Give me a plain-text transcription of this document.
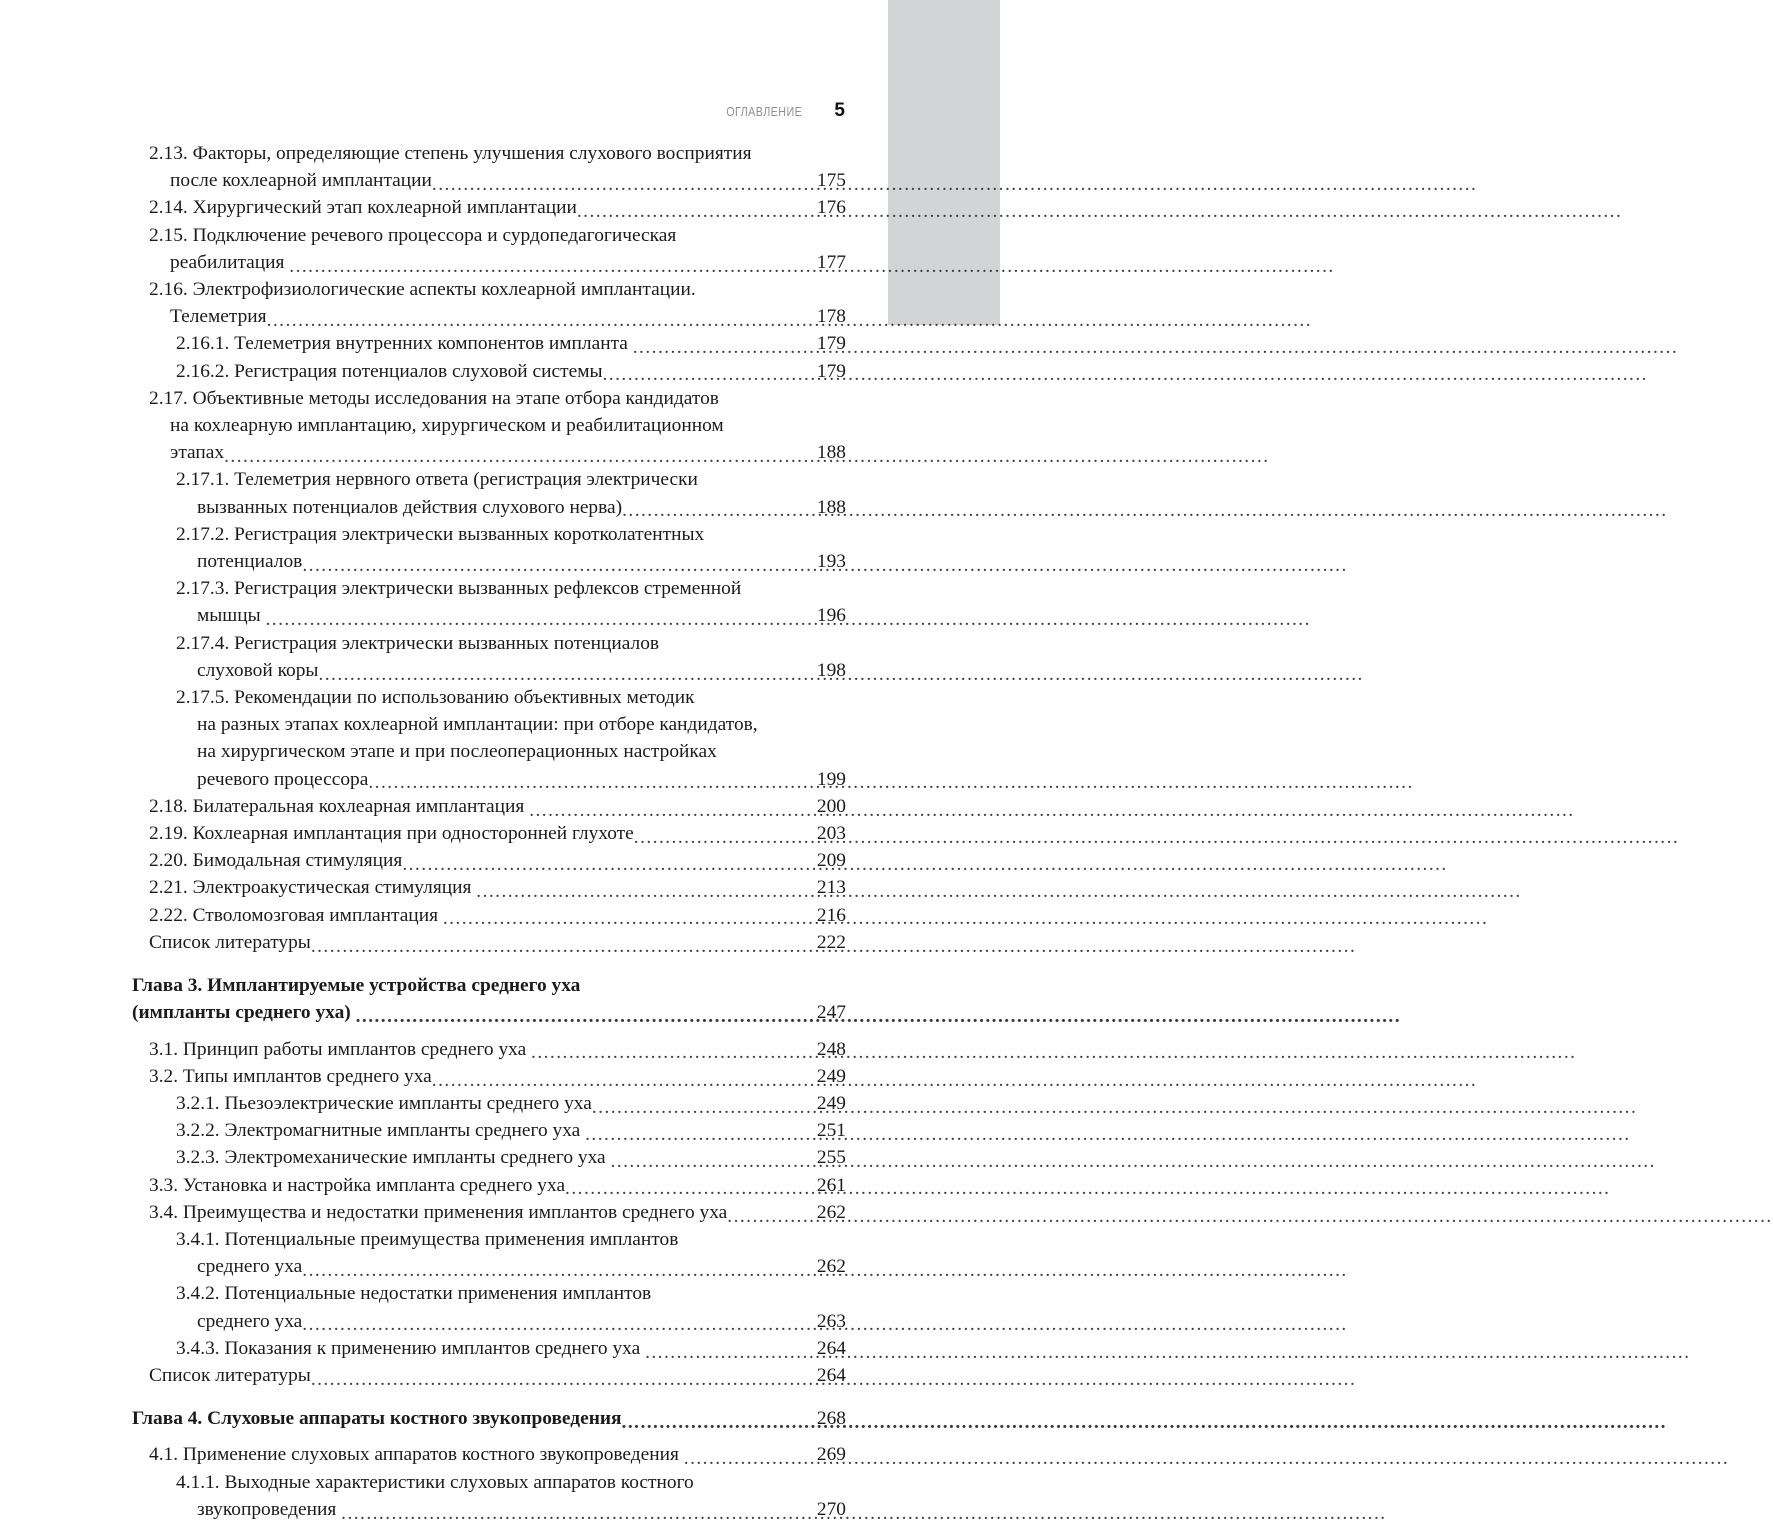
ОГЛАВЛЕНИЕ 5
2.13. Факторы, определяющие степень улучшения слухового восприятия
после кохлеарной имплантации .....	175
2.14. Хирургический этап кохлеарной имплантации .....	176
2.15. Подключение речевого процессора и сурдопедагогическая
реабилитация .....	177
2.16. Электрофизиологические аспекты кохлеарной имплантации.
Телеметрия .....	178
2.16.1. Телеметрия внутренних компонентов импланта .....	179
2.16.2. Регистрация потенциалов слуховой системы .....	179
2.17. Объективные методы исследования на этапе отбора кандидатов
на кохлеарную имплантацию, хирургическом и реабилитационном
этапах .....	188
2.17.1. Телеметрия нервного ответа (регистрация электрически
вызванных потенциалов действия слухового нерва) .....	188
2.17.2. Регистрация электрически вызванных коротколатентных
потенциалов .....	193
2.17.3. Регистрация электрически вызванных рефлексов стременной
мышцы .....	196
2.17.4. Регистрация электрически вызванных потенциалов
слуховой коры .....	198
2.17.5. Рекомендации по использованию объективных методик
на разных этапах кохлеарной имплантации: при отборе кандидатов,
на хирургическом этапе и при послеоперационных настройках
речевого процессора .....	199
2.18. Билатеральная кохлеарная имплантация .....	200
2.19. Кохлеарная имплантация при односторонней глухоте .....	203
2.20. Бимодальная стимуляция .....	209
2.21. Электроакустическая стимуляция .....	213
2.22. Стволомозговая имплантация .....	216
Список литературы .....	222
Глава 3. Имплантируемые устройства среднего уха
(импланты среднего уха) .....	247
3.1. Принцип работы имплантов среднего уха .....	248
3.2. Типы имплантов среднего уха .....	249
3.2.1. Пьезоэлектрические импланты среднего уха .....	249
3.2.2. Электромагнитные импланты среднего уха .....	251
3.2.3. Электромеханические импланты среднего уха .....	255
3.3. Установка и настройка импланта среднего уха .....	261
3.4. Преимущества и недостатки применения имплантов среднего уха .....	262
3.4.1. Потенциальные преимущества применения имплантов
среднего уха .....	262
3.4.2. Потенциальные недостатки применения имплантов
среднего уха .....	263
3.4.3. Показания к применению имплантов среднего уха .....	264
Список литературы .....	264
Глава 4. Слуховые аппараты костного звукопроведения .....	268
4.1. Применение слуховых аппаратов костного звукопроведения .....	269
4.1.1. Выходные характеристики слуховых аппаратов костного
звукопроведения .....	270
